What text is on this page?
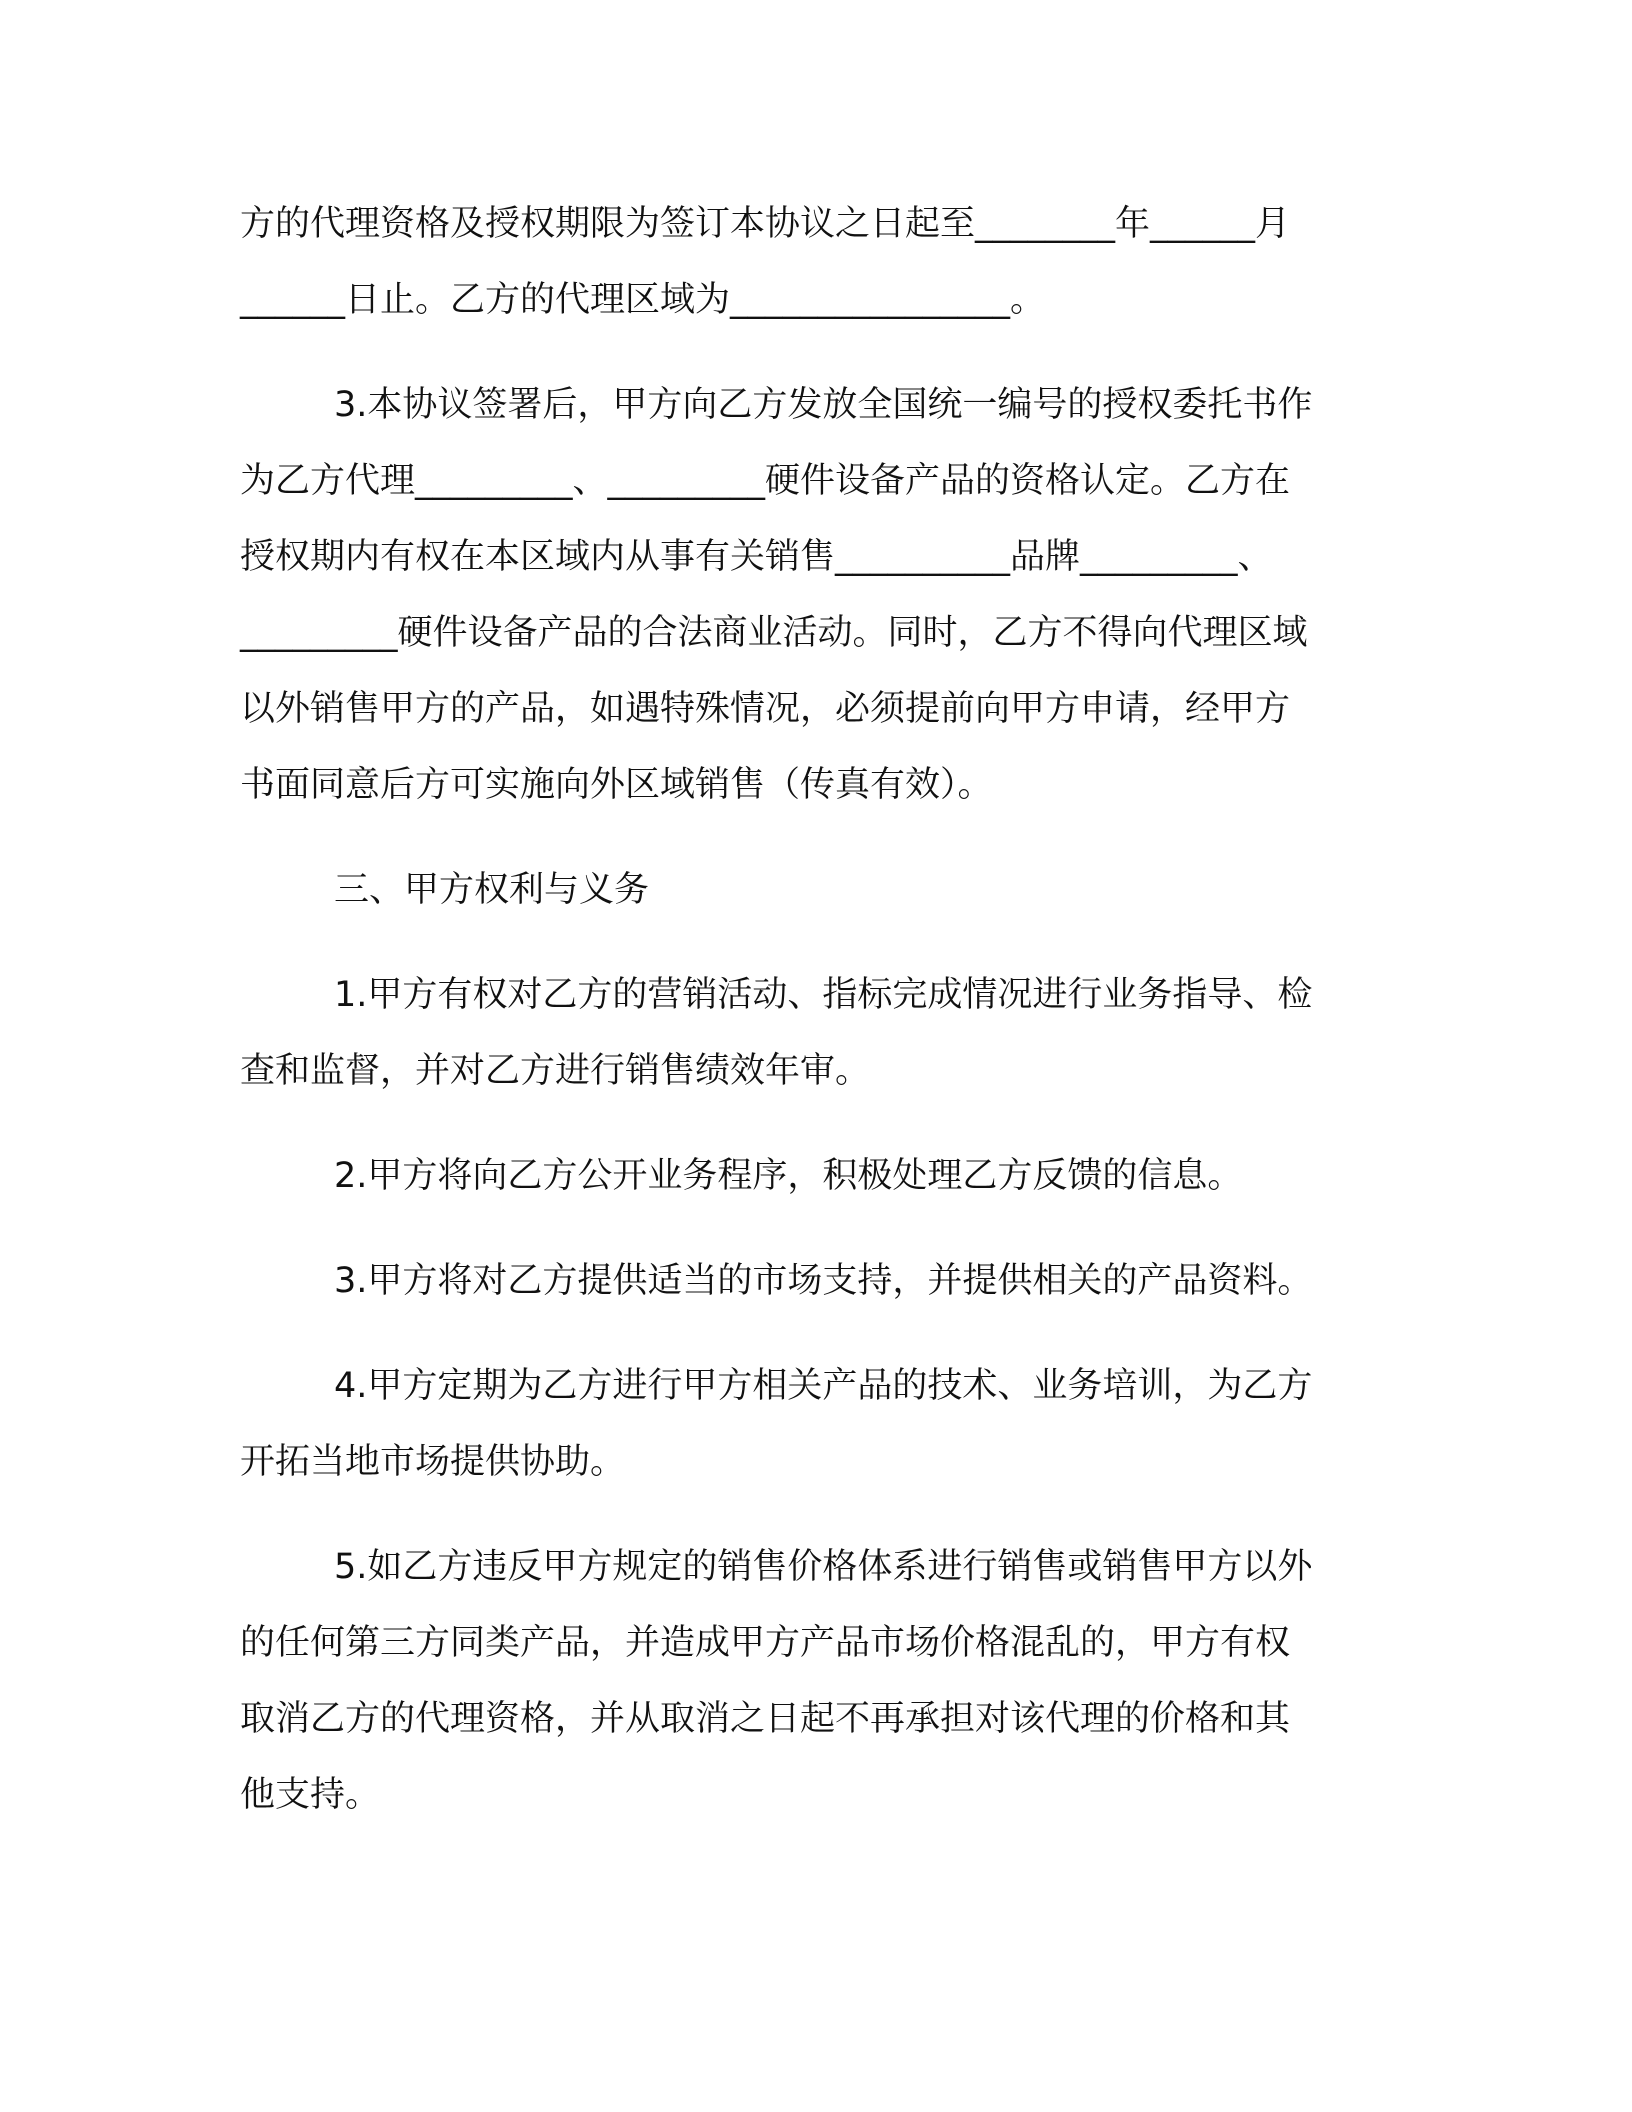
方的代理资格及授权期限为签订本协议之日起至________年______月
______日止。乙方的代理区域为________________。

3.本协议签署后，甲方向乙方发放全国统一编号的授权委托书作
为乙方代理_________、_________硬件设备产品的资格认定。乙方在
授权期内有权在本区域内从事有关销售__________品牌_________、
_________硬件设备产品的合法商业活动。同时，乙方不得向代理区域
以外销售甲方的产品，如遇特殊情况，必须提前向甲方申请，经甲方
书面同意后方可实施向外区域销售（传真有效）。

三、甲方权利与义务

1.甲方有权对乙方的营销活动、指标完成情况进行业务指导、检
查和监督，并对乙方进行销售绩效年审。

2.甲方将向乙方公开业务程序，积极处理乙方反馈的信息。

3.甲方将对乙方提供适当的市场支持，并提供相关的产品资料。

4.甲方定期为乙方进行甲方相关产品的技术、业务培训，为乙方
开拓当地市场提供协助。

5.如乙方违反甲方规定的销售价格体系进行销售或销售甲方以外
的任何第三方同类产品，并造成甲方产品市场价格混乱的，甲方有权
取消乙方的代理资格，并从取消之日起不再承担对该代理的价格和其
他支持。
